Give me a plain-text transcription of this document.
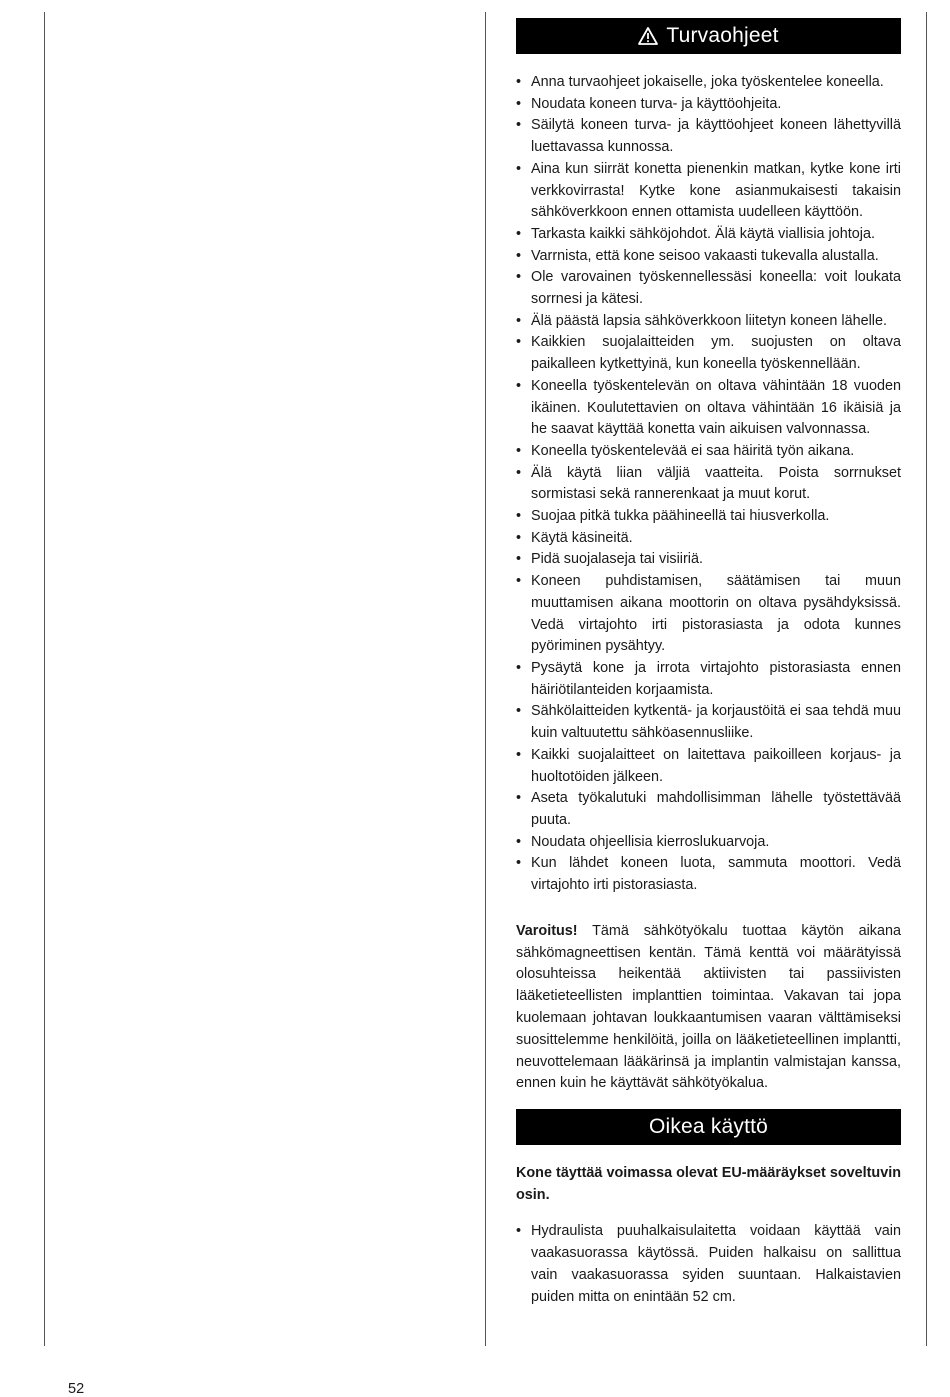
Turvaohjeet
• Anna turvaohjeet jokaiselle, joka työskentelee koneella.
• Noudata koneen turva- ja käyttöohjeita.
• Säilytä koneen turva- ja käyttöohjeet koneen lähettyvillä luettavassa kunnossa.
• Aina kun siirrät konetta pienenkin matkan, kytke kone irti verkkovirrasta! Kytke kone asianmukaisesti takaisin sähköverkkoon ennen ottamista uudelleen käyttöön.
• Tarkasta kaikki sähköjohdot. Älä käytä viallisia johtoja.
• Varrnista, että kone seisoo vakaasti tukevalla alustalla.
• Ole varovainen työskennellessäsi koneella: voit loukata sorrnesi ja kätesi.
• Älä päästä lapsia sähköverkkoon liitetyn koneen lähelle.
• Kaikkien suojalaitteiden ym. suojusten on oltava paikalleen kytkettyinä, kun koneella työskennellään.
• Koneella työskentelevän on oltava vähintään 18 vuoden ikäinen. Koulutettavien on oltava vähintään 16 ikäisiä ja he saavat käyttää konetta vain aikuisen valvonnassa.
• Koneella työskentelevää ei saa häiritä työn aikana.
• Älä käytä liian väljiä vaatteita. Poista sorrnukset sormistasi sekä rannerenkaat ja muut korut.
• Suojaa pitkä tukka päähineellä tai hiusverkolla.
• Käytä käsineitä.
• Pidä suojalaseja tai visiiriä.
• Koneen puhdistamisen, säätämisen tai muun muuttamisen aikana moottorin on oltava pysähdyksissä. Vedä virtajohto irti pistorasiasta ja odota kunnes pyöriminen pysähtyy.
• Pysäytä kone ja irrota virtajohto pistorasiasta ennen häiriötilanteiden korjaamista.
• Sähkölaitteiden kytkentä- ja korjaustöitä ei saa tehdä muu kuin valtuutettu sähköasennusliike.
• Kaikki suojalaitteet on laitettava paikoilleen korjaus- ja huoltotöiden jälkeen.
• Aseta työkalutuki mahdollisimman lähelle työstettävää puuta.
• Noudata ohjeellisia kierroslukuarvoja.
• Kun lähdet koneen luota, sammuta moottori. Vedä virtajohto irti pistorasiasta.

Varoitus! Tämä sähkötyökalu tuottaa käytön aikana sähkömagneettisen kentän. Tämä kenttä voi määrätyissä olosuhteissa heikentää aktiivisten tai passiivisten lääketieteellisten implanttien toimintaa. Vakavan tai jopa kuolemaan johtavan loukkaantumisen vaaran välttämiseksi suosittelemme henkilöitä, joilla on lääketieteellinen implantti, neuvottelemaan lääkärinsä ja implantin valmistajan kanssa, ennen kuin he käyttävät sähkötyökalua.

Oikea käyttö

Kone täyttää voimassa olevat EU-määräykset soveltuvin osin.

• Hydraulista puuhalkaisulaitetta voidaan käyttää vain vaakasuorassa käytössä. Puiden halkaisu on sallittua vain vaakasuorassa syiden suuntaan. Halkaistavien puiden mitta on enintään 52 cm.
52
